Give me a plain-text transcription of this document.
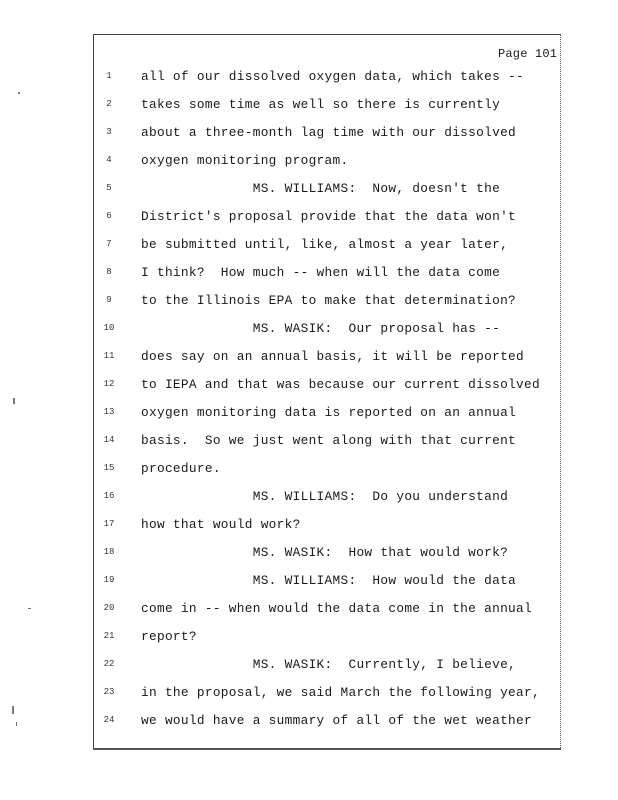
Page 101
1	all of our dissolved oxygen data, which takes --
2	takes some time as well so there is currently
3	about a three-month lag time with our dissolved
4	oxygen monitoring program.
5	MS. WILLIAMS:  Now, doesn't the
6	District's proposal provide that the data won't
7	be submitted until, like, almost a year later,
8	I think?  How much -- when will the data come
9	to the Illinois EPA to make that determination?
10	MS. WASIK:  Our proposal has --
11	does say on an annual basis, it will be reported
12	to IEPA and that was because our current dissolved
13	oxygen monitoring data is reported on an annual
14	basis.  So we just went along with that current
15	procedure.
16	MS. WILLIAMS:  Do you understand
17	how that would work?
18	MS. WASIK:  How that would work?
19	MS. WILLIAMS:  How would the data
20	come in -- when would the data come in the annual
21	report?
22	MS. WASIK:  Currently, I believe,
23	in the proposal, we said March the following year,
24	we would have a summary of all of the wet weather
